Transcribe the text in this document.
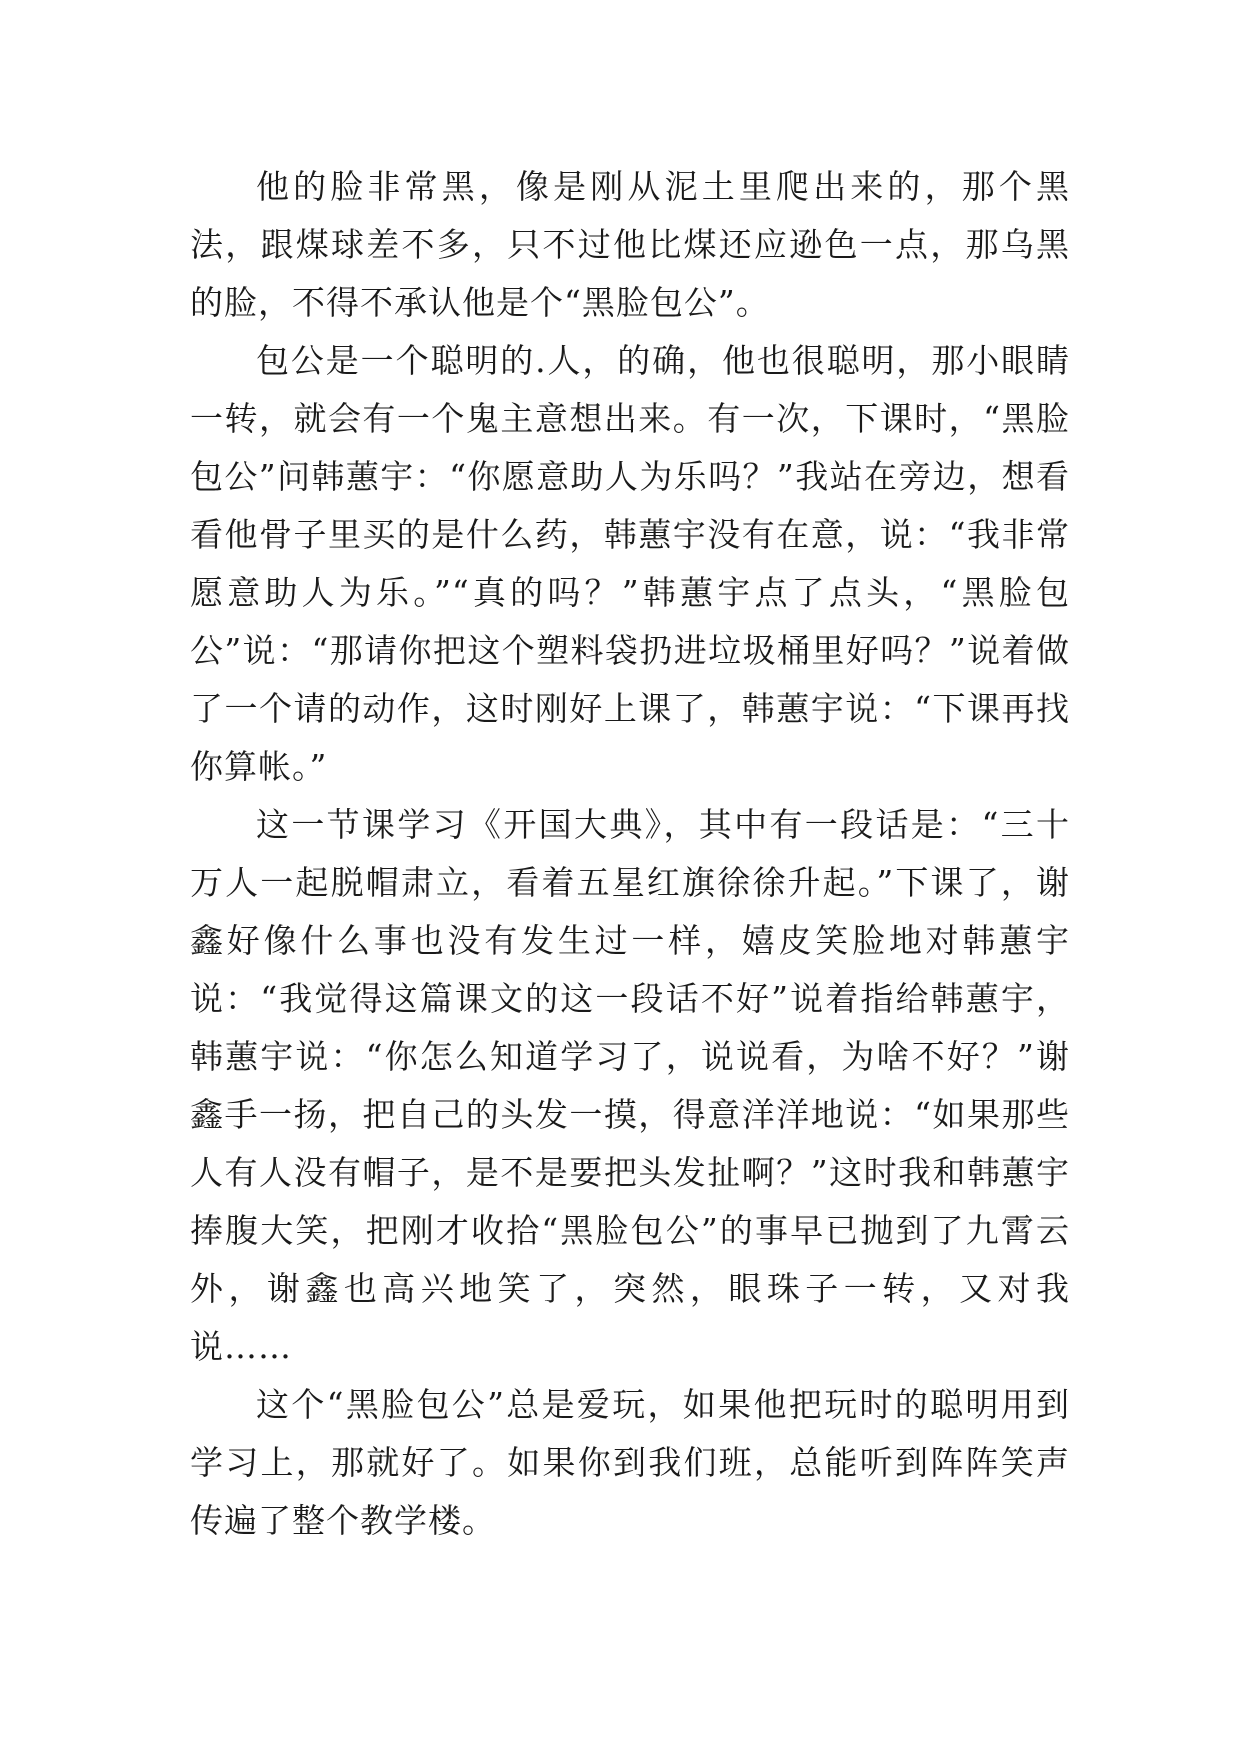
他的脸非常黑，像是刚从泥土里爬出来的，那个黑法，跟煤球差不多，只不过他比煤还应逊色一点，那乌黑的脸，不得不承认他是个“黑脸包公”。

包公是一个聪明的.人，的确，他也很聪明，那小眼睛一转，就会有一个鬼主意想出来。有一次，下课时，“黑脸包公”问韩蕙宇：“你愿意助人为乐吗？”我站在旁边，想看看他骨子里买的是什么药，韩蕙宇没有在意，说：“我非常愿意助人为乐。”“真的吗？”韩蕙宇点了点头，“黑脸包公”说：“那请你把这个塑料袋扔进垃圾桶里好吗？”说着做了一个请的动作，这时刚好上课了，韩蕙宇说：“下课再找你算帐。”

这一节课学习《开国大典》，其中有一段话是：“三十万人一起脱帽肃立，看着五星红旗徐徐升起。”下课了，谢鑫好像什么事也没有发生过一样，嬉皮笑脸地对韩蕙宇说：“我觉得这篇课文的这一段话不好”说着指给韩蕙宇，韩蕙宇说：“你怎么知道学习了，说说看，为啥不好？”谢鑫手一扬，把自己的头发一摸，得意洋洋地说：“如果那些人有人没有帽子，是不是要把头发扯啊？”这时我和韩蕙宇捧腹大笑，把刚才收拾“黑脸包公”的事早已抛到了九霄云外，谢鑫也高兴地笑了，突然，眼珠子一转，又对我说……

这个“黑脸包公”总是爱玩，如果他把玩时的聪明用到学习上，那就好了。如果你到我们班，总能听到阵阵笑声传遍了整个教学楼。
